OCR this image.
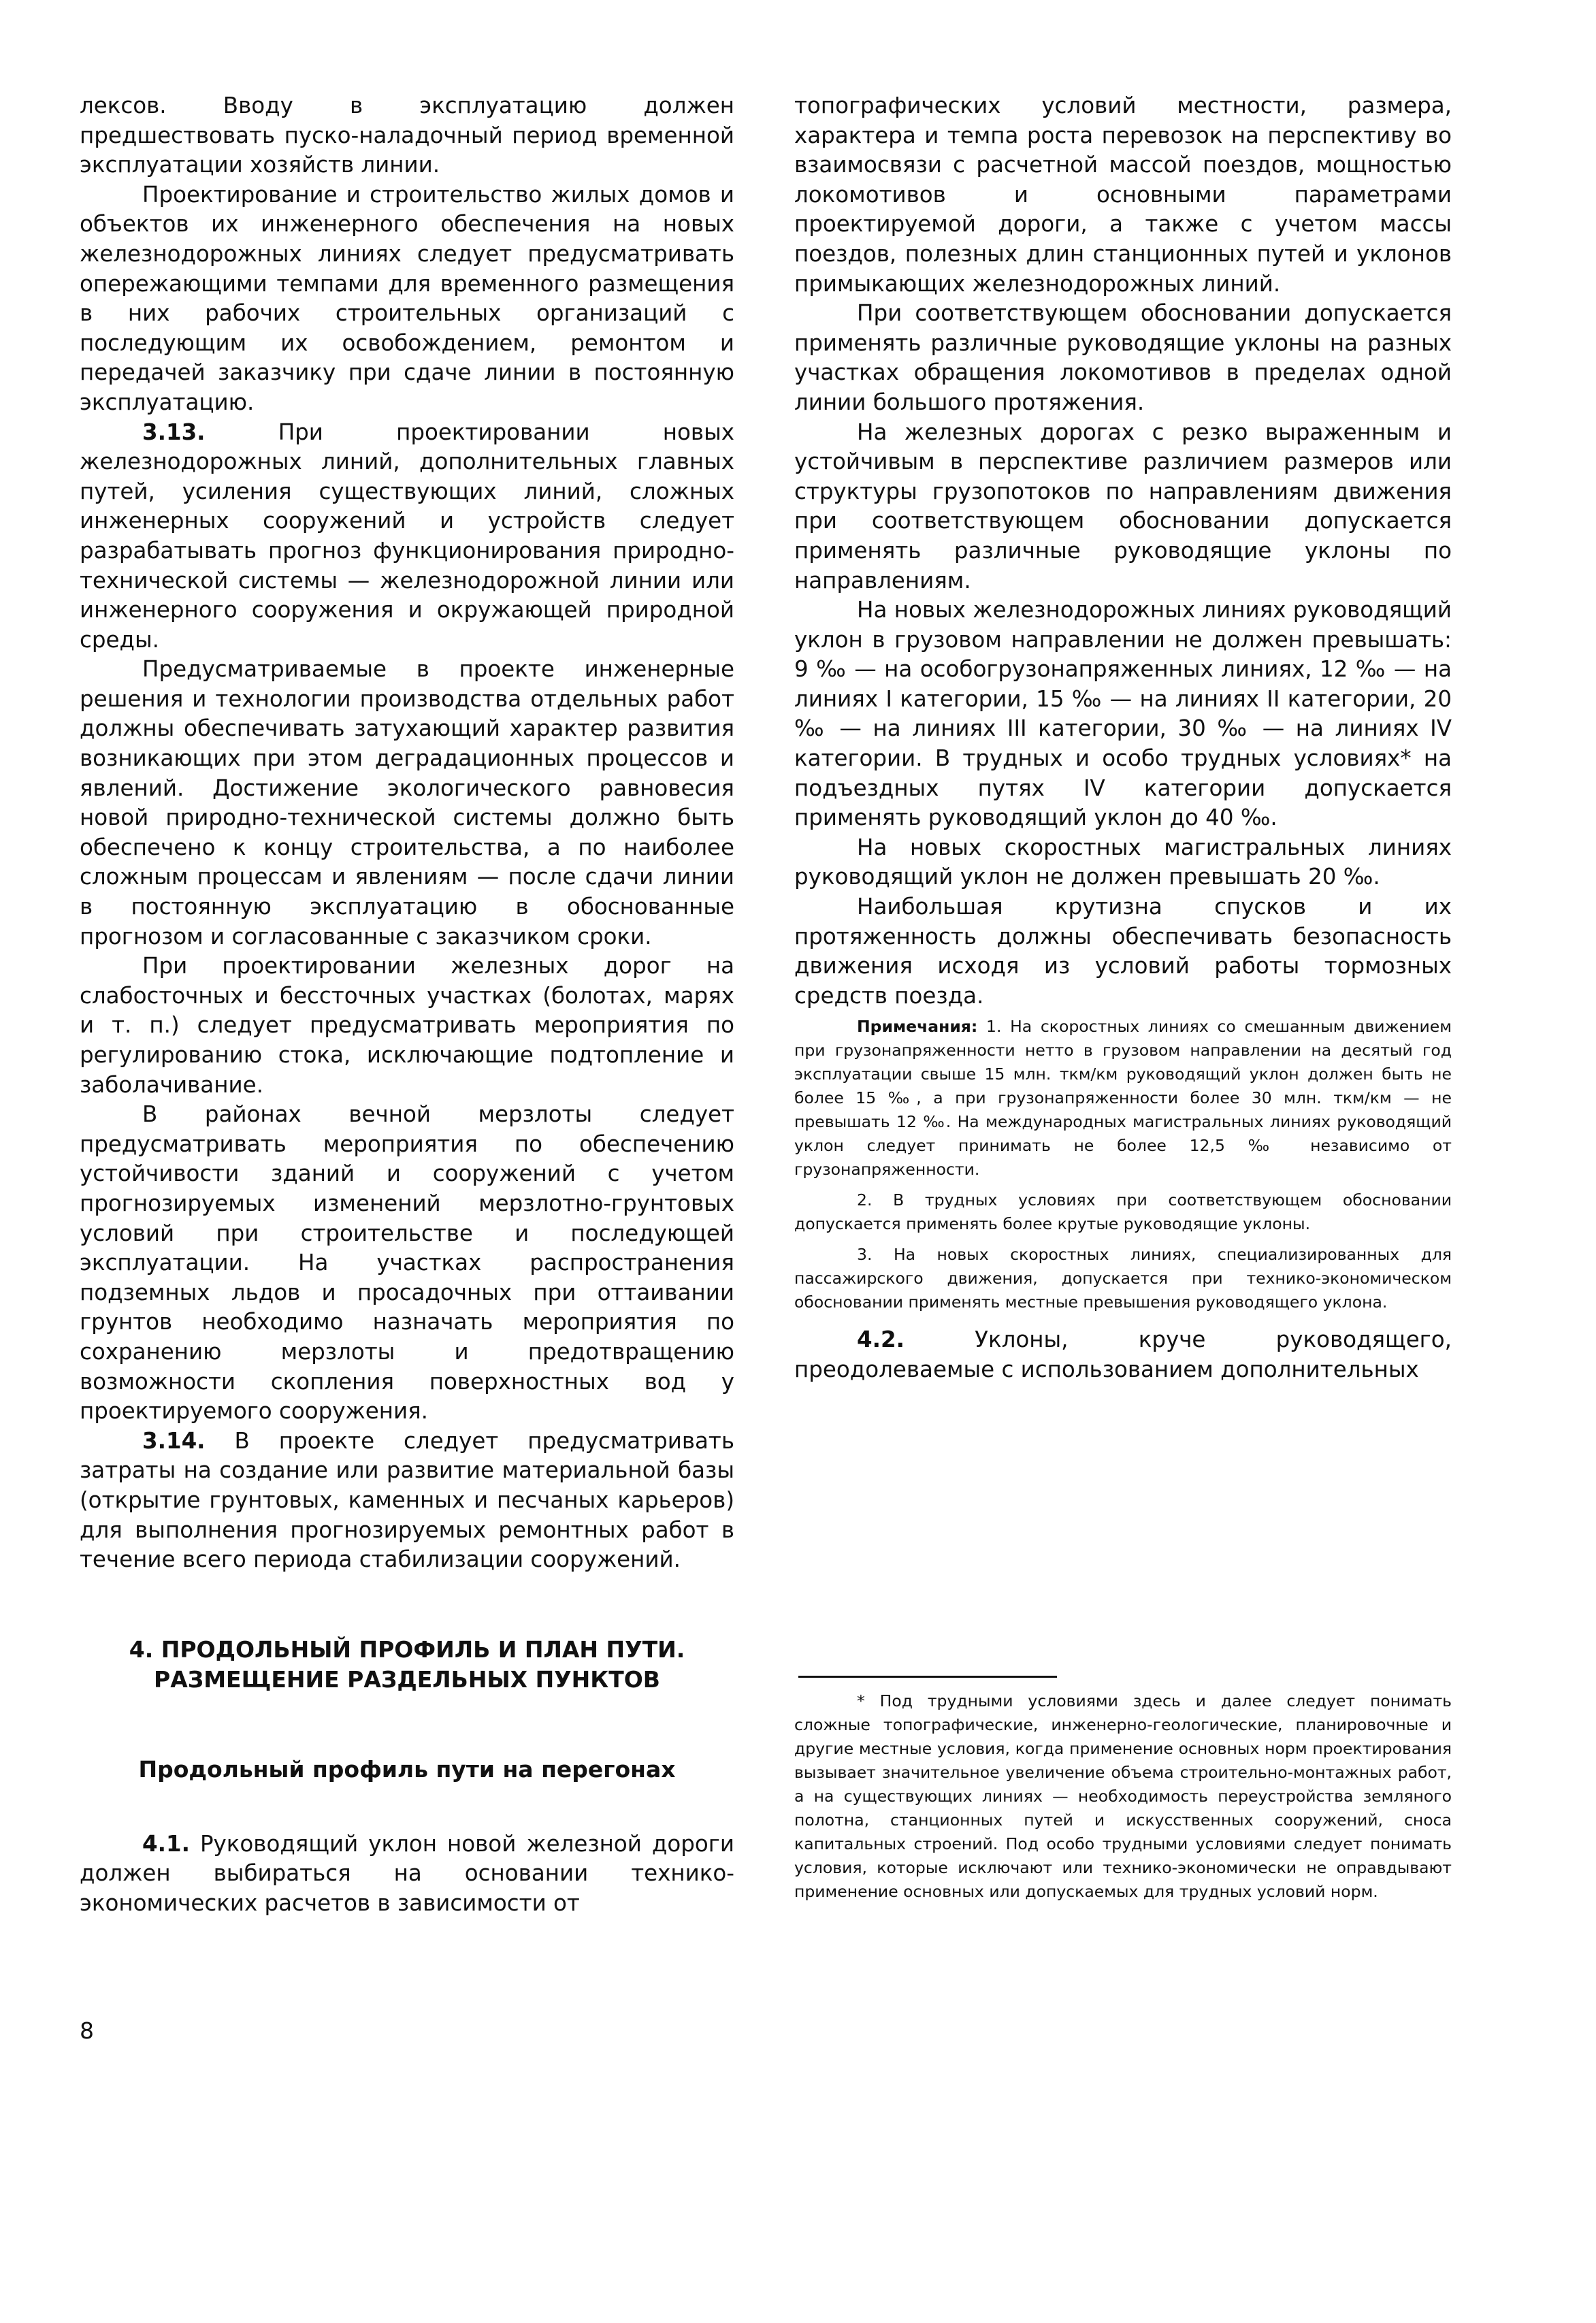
лексов. Вводу в эксплуатацию должен предшествовать пуско-наладочный период временной эксплуатации хозяйств линии.

Проектирование и строительство жилых домов и объектов их инженерного обеспечения на новых железнодорожных линиях следует предусматривать опережающими темпами для временного размещения в них рабочих строительных организаций с последующим их освобождением, ремонтом и передачей заказчику при сдаче линии в постоянную эксплуатацию.

3.13.	При проектировании новых железнодорожных линий, дополнительных главных путей, усиления существующих линий, сложных инженерных сооружений и устройств следует разрабатывать прогноз функционирования природно-технической системы — железнодорожной линии или инженерного сооружения и окружающей природной среды.

Предусматриваемые в проекте инженерные решения и технологии производства отдельных работ должны обеспечивать затухающий характер развития возникающих при этом деградационных процессов и явлений. Достижение экологического равновесия новой природно-технической системы должно быть обеспечено к концу строительства, а по наиболее сложным процессам и явлениям — после сдачи линии в постоянную эксплуатацию в обоснованные прогнозом и согласованные с заказчиком сроки.

При проектировании железных дорог на слабосточных и бессточных участках (болотах, марях и т. п.) следует предусматривать мероприятия по регулированию стока, исключающие подтопление и заболачивание.

В районах вечной мерзлоты следует предусматривать мероприятия по обеспечению устойчивости зданий и сооружений с учетом прогнозируемых изменений мерзлотно-грунтовых условий при строительстве и последующей эксплуатации. На участках распространения подземных льдов и просадочных при оттаивании грунтов необходимо назначать мероприятия по сохранению мерзлоты и предотвращению возможности скопления поверхностных вод у проектируемого сооружения.

3.14. В проекте следует предусматривать затраты на создание или развитие материальной базы (открытие грунтовых, каменных и песчаных карьеров) для выполнения прогнозируемых ремонтных работ в течение всего периода стабилизации сооружений.

4. ПРОДОЛЬНЫЙ ПРОФИЛЬ И ПЛАН ПУТИ.
РАЗМЕЩЕНИЕ РАЗДЕЛЬНЫХ ПУНКТОВ
Продольный профиль пути на перегонах

4.1. Руководящий уклон новой железной дороги должен выбираться на основании технико-экономических расчетов в зависимости от

топографических условий местности, размера, характера и темпа роста перевозок на перспективу во взаимосвязи с расчетной массой поездов, мощностью локомотивов и основными параметрами проектируемой дороги, а также с учетом массы поездов, полезных длин станционных путей и уклонов примыкающих железнодорожных линий.

При соответствующем обосновании допускается применять различные руководящие уклоны на разных участках обращения локомотивов в пределах одной линии большого протяжения.

На железных дорогах с резко выраженным и устойчивым в перспективе различием размеров или структуры грузопотоков по направлениям движения при соответствующем обосновании допускается применять различные руководящие уклоны по направлениям.

На новых железнодорожных линиях руководящий уклон в грузовом направлении не должен превышать: 9 ‰ — на особогрузонапряженных линиях, 12 ‰ — на линиях I категории, 15 ‰ — на линиях II категории, 20 ‰ — на линиях III категории, 30 ‰ — на линиях IV категории. В трудных и особо трудных условиях* на подъездных путях IV категории допускается применять руководящий уклон до 40 ‰.

На новых скоростных магистральных линиях руководящий уклон не должен превышать 20 ‰.

Наибольшая крутизна спусков и их протяженность должны обеспечивать безопасность движения исходя из условий работы тормозных средств поезда.

Примечания: 1. На скоростных линиях со смешанным движением при грузонапряженности нетто в грузовом направлении на десятый год эксплуатации свыше 15 млн. ткм/км руководящий уклон должен быть не более 15 ‰, а при грузонапряженности более 30 млн. ткм/км — не превышать 12 ‰. На международных магистральных линиях руководящий уклон следует принимать не более 12,5 ‰ независимо от грузонапряженности.

2. В трудных условиях при соответствующем обосновании допускается применять более крутые руководящие уклоны.

3. На новых скоростных линиях, специализированных для пассажирского движения, допускается при технико-экономическом обосновании применять местные превышения руководящего уклона.

4.2.	Уклоны, круче руководящего, преодолеваемые с использованием дополнительных

* Под трудными условиями здесь и далее следует понимать сложные топографические, инженерно-геологические, планировочные и другие местные условия, когда применение основных норм проектирования вызывает значительное увеличение объема строительно-монтажных работ, а на существующих линиях — необходимость переустройства земляного полотна, станционных путей и искусственных сооружений, сноса капитальных строений. Под особо трудными условиями следует понимать условия, которые исключают или технико-экономически не оправдывают применение основных или допускаемых для трудных условий норм.

8
